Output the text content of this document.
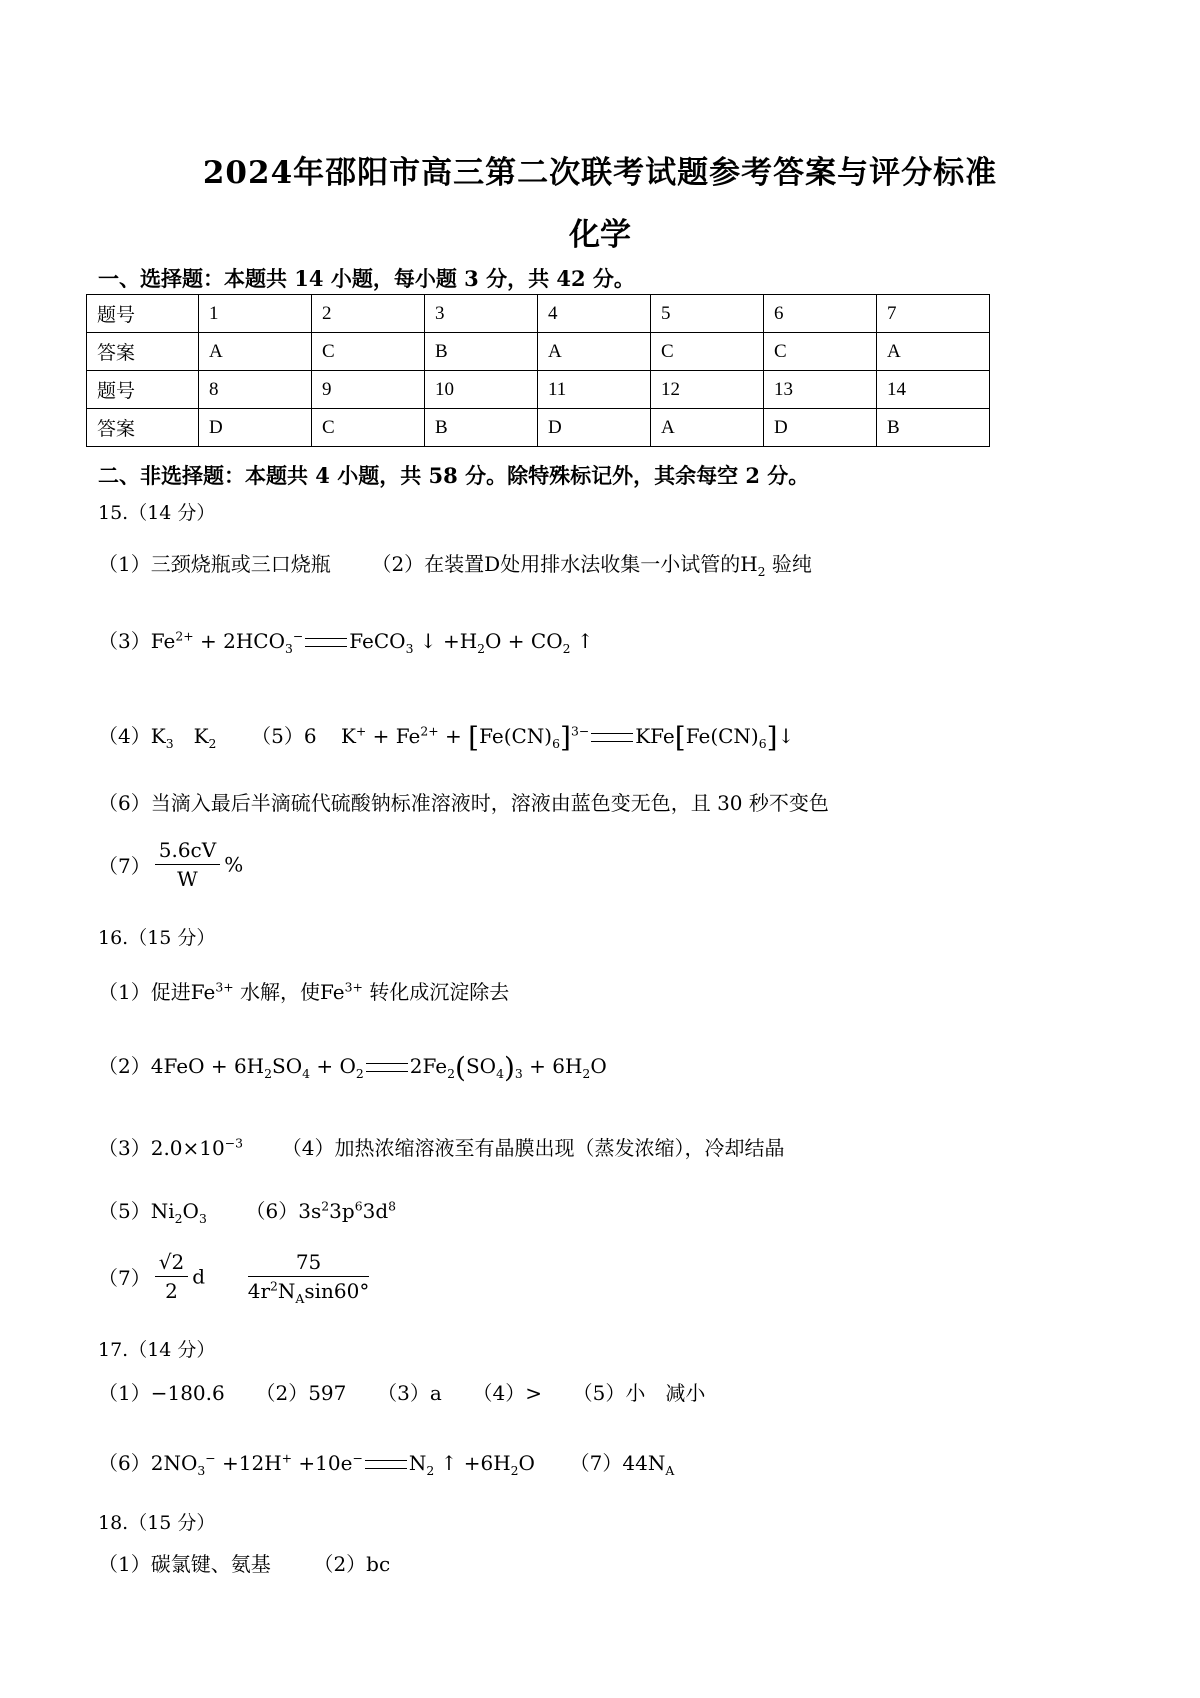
2024年邵阳市高三第二次联考试题参考答案与评分标准
化学
一、选择题：本题共 14 小题，每小题 3 分，共 42 分。
题号	1	2	3	4	5	6	7
答案	A	C	B	A	C	C	A
题号	8	9	10	11	12	13	14
答案	D	C	B	D	A	D	B
二、非选择题：本题共 4 小题，共 58 分。除特殊标记外，其余每空 2 分。
15.（14 分）
（1）三颈烧瓶或三口烧瓶 （2）在装置D处用排水法收集一小试管的$H_2$ 验纯
$(3)Fe^{2+} + 2HCO_3^-$ FeCO$_3$ ↓ $+H_2O + CO_2$ ↑
$(4)K_3$　$K_2$ （5）6 $K^+ + Fe^{2+} + [Fe(CN)_6]^{3-}$ $KFe[Fe(CN)_6]↓$
（6）当滴入最后半滴硫代硫酸钠标准溶液时，溶液由蓝色变无色，且 30 秒不变色
$(7) \frac{5.6cV}{W}$ %
16.（15 分）
（1）促进$Fe^{3+}$ 水解，使$Fe^{3+}$ 转化成沉淀除去
$(2)4FeO + 6H_2SO_4 + O_2$ $2Fe_2(SO_4)_3 + 6H_2O$
$(3)2.0\times 10^{-3}$ （4）加热浓缩溶液至有晶膜出现（蒸发浓缩），冷却结晶
$(5)Ni_2O_3$ $(6)3s^23p^63d^8$
$(7) \frac{√2}{2}$ d $\frac{75}{4r^2N_A\sin 60^\circ}$
17.（14 分）
（1）−180.6 （2）597 （3）a （4）> （5）小　减小
$(6)2NO_3^- +12H^+ +10e^-$ $N_2$ ↑ $+6H_2O$  $(7)44N_A$
18.（15 分）
（1）碳氯键、氨基 （2）bc
